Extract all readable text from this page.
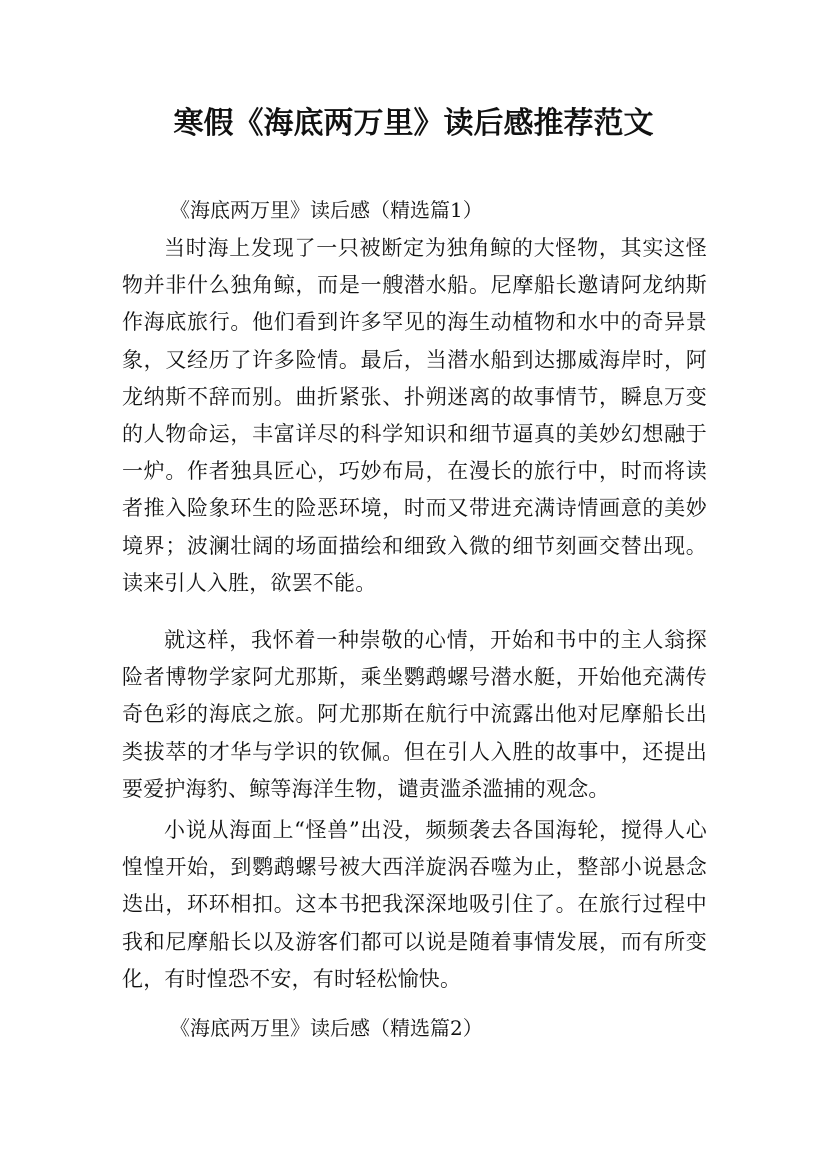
寒假《海底两万里》读后感推荐范文

《海底两万里》读后感（精选篇1）

当时海上发现了一只被断定为独角鲸的大怪物，其实这怪物并非什么独角鲸，而是一艘潜水船。尼摩船长邀请阿龙纳斯作海底旅行。他们看到许多罕见的海生动植物和水中的奇异景象，又经历了许多险情。最后，当潜水船到达挪威海岸时，阿龙纳斯不辞而别。曲折紧张、扑朔迷离的故事情节，瞬息万变的人物命运，丰富详尽的科学知识和细节逼真的美妙幻想融于一炉。作者独具匠心，巧妙布局，在漫长的旅行中，时而将读者推入险象环生的险恶环境，时而又带进充满诗情画意的美妙境界；波澜壮阔的场面描绘和细致入微的细节刻画交替出现。读来引人入胜，欲罢不能。

就这样，我怀着一种崇敬的心情，开始和书中的主人翁探险者博物学家阿尤那斯，乘坐鹦鹉螺号潜水艇，开始他充满传奇色彩的海底之旅。阿尤那斯在航行中流露出他对尼摩船长出类拔萃的才华与学识的钦佩。但在引人入胜的故事中，还提出要爱护海豹、鲸等海洋生物，谴责滥杀滥捕的观念。

小说从海面上“怪兽”出没，频频袭去各国海轮，搅得人心惶惶开始，到鹦鹉螺号被大西洋旋涡吞噬为止，整部小说悬念迭出，环环相扣。这本书把我深深地吸引住了。在旅行过程中我和尼摩船长以及游客们都可以说是随着事情发展，而有所变化，有时惶恐不安，有时轻松愉快。

《海底两万里》读后感（精选篇2）
